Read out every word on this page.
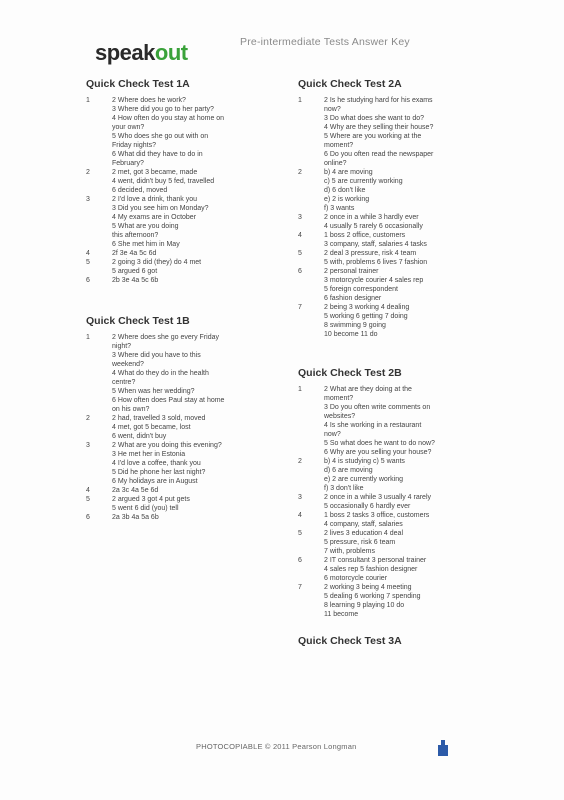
speakout	Pre-intermediate Tests Answer Key
Quick Check Test 1A
1	2 Where does he work?
3 Where did you go to her party?
4 How often do you stay at home on
your own?
5 Who does she go out with on
Friday nights?
6 What did they have to do in
February?
2	2 met, got 3 became, made
4 went, didn't buy 5 fed, travelled
6 decided, moved
3	2 I'd love a drink, thank you
3 Did you see him on Monday?
4 My exams are in October
5 What are you doing
this afternoon?
6 She met him in May
4	2f 3e 4a 5c 6d
5	2 going 3 did (they) do 4 met
5 argued 6 got
6	2b 3e 4a 5c 6b
Quick Check Test 1B
1	2 Where does she go every Friday
night?
3 Where did you have to this
weekend?
4 What do they do in the health
centre?
5 When was her wedding?
6 How often does Paul stay at home
on his own?
2	2 had, travelled 3 sold, moved
4 met, got 5 became, lost
6 went, didn't buy
3	2 What are you doing this evening?
3 He met her in Estonia
4 I'd love a coffee, thank you
5 Did he phone her last night?
6 My holidays are in August
4	2a 3c 4a 5e 6d
5	2 argued 3 got 4 put gets
5 went 6 did (you) tell
6	2a 3b 4a 5a 6b
Quick Check Test 2A
1	2 Is he studying hard for his exams
now?
3 Do what does she want to do?
4 Why are they selling their house?
5 Where are you working at the
moment?
6 Do you often read the newspaper
online?
2	b) 4 are moving
c) 5 are currently working
d) 6 don't like
e) 2 is working
f) 3 wants
3	2 once in a while 3 hardly ever
4 usually 5 rarely 6 occasionally
4	1 boss 2 office, customers
3 company, staff, salaries 4 tasks
5	2 deal 3 pressure, risk 4 team
5 with, problems 6 lives 7 fashion
6	2 personal trainer
3 motorcycle courier 4 sales rep
5 foreign correspondent
6 fashion designer
7	2 being 3 working 4 dealing
5 working 6 getting 7 doing
8 swimming 9 going
10 become 11 do
Quick Check Test 2B
1	2 What are they doing at the
moment?
3 Do you often write comments on
websites?
4 Is she working in a restaurant
now?
5 So what does he want to do now?
6 Why are you selling your house?
2	b) 4 is studying c) 5 wants
d) 6 are moving
e) 2 are currently working
f) 3 don't like
3	2 once in a while 3 usually 4 rarely
5 occasionally 6 hardly ever
4	1 boss 2 tasks 3 office, customers
4 company, staff, salaries
5	2 lives 3 education 4 deal
5 pressure, risk 6 team
7 with, problems
6	2 IT consultant 3 personal trainer
4 sales rep 5 fashion designer
6 motorcycle courier
7	2 working 3 being 4 meeting
5 dealing 6 working 7 spending
8 learning 9 playing 10 do
11 become
Quick Check Test 3A
PHOTOCOPIABLE © 2011 Pearson Longman
